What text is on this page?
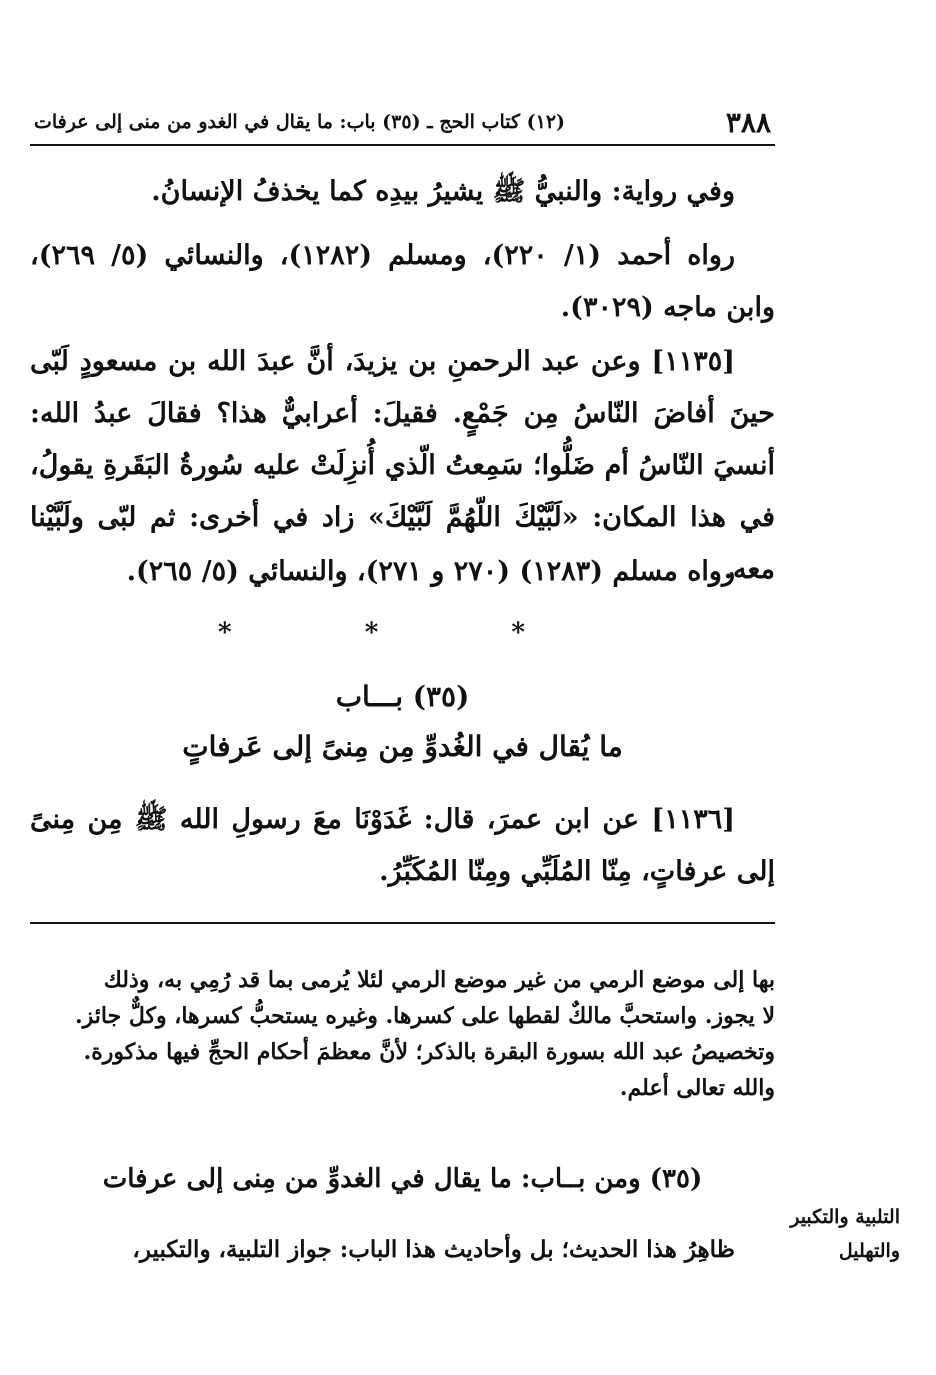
٣٨٨
(١٢) كتاب الحج ـ (٣٥) باب: ما يقال في الغدو من منى إلى عرفات

وفي رواية: والنبيُّ ﷺ يشيرُ بيدِه كما يخذفُ الإنسانُ.

رواه أحمد (١/ ٢٢٠)، ومسلم (١٢٨٢)، والنسائي (٥/ ٢٦٩)، وابن ماجه (٣٠٢٩).

[١١٣٥] وعن عبد الرحمنِ بن يزيدَ، أنَّ عبدَ الله بن مسعودٍ لَبّى حينَ أفاضَ النّاسُ مِن جَمْعٍ. فقيلَ: أعرابيٌّ هذا؟ فقالَ عبدُ الله: أنسيَ النّاسُ أم ضَلُّوا؛ سَمِعتُ الّذي أُنزِلَتْ عليه سُورةُ البَقَرةِ يقولُ، في هذا المكان: «لَبَّيْكَ اللّهُمَّ لَبَّيْكَ» زاد في أخرى: ثم لبّى ولَبَّيْنا معه.

رواه مسلم (١٢٨٣) (٢٧٠ و ٢٧١)، والنسائي (٥/ ٢٦٥).

* * *

(٣٥) بـــاب

ما يُقال في الغُدوِّ مِن مِنىً إلى عَرفاتٍ

[١١٣٦] عن ابن عمرَ، قال: غَدَوْنَا معَ رسولِ الله ﷺ مِن مِنىً إلى عرفاتٍ، مِنّا المُلَبِّي ومِنّا المُكَبِّرُ.

بها إلى موضع الرمي من غير موضع الرمي لئلا يُرمى بما قد رُمِي به، وذلك
لا يجوز. واستحبَّ مالكٌ لقطها على كسرها. وغيره يستحبُّ كسرها، وكلٌّ جائز.
وتخصيصُ عبد الله بسورة البقرة بالذكر؛ لأنَّ معظمَ أحكام الحجِّ فيها مذكورة.
والله تعالى أعلم.

(٣٥) ومن بــاب: ما يقال في الغدوِّ من مِنى إلى عرفات

ظاهِرُ هذا الحديث؛ بل وأحاديث هذا الباب: جواز التلبية، والتكبير،

التلبية والتكبير
والتهليل
